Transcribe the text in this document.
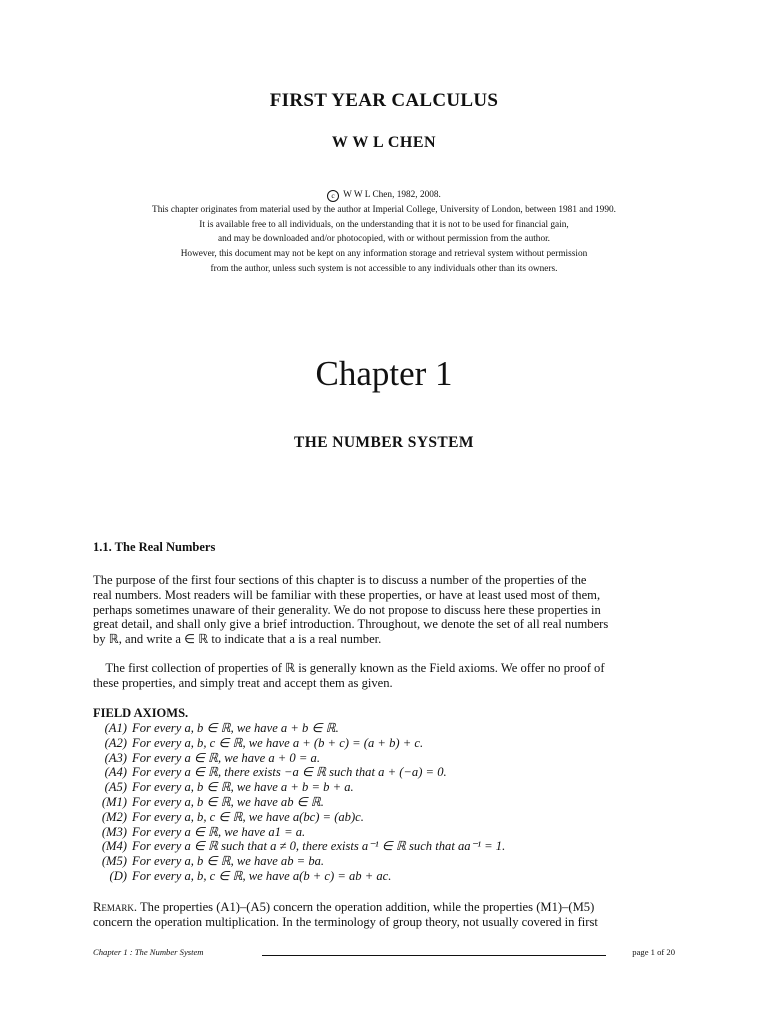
FIRST YEAR CALCULUS
W W L CHEN
c W W L Chen, 1982, 2008.
This chapter originates from material used by the author at Imperial College, University of London, between 1981 and 1990.
It is available free to all individuals, on the understanding that it is not to be used for financial gain,
and may be downloaded and/or photocopied, with or without permission from the author.
However, this document may not be kept on any information storage and retrieval system without permission
from the author, unless such system is not accessible to any individuals other than its owners.
Chapter 1
THE NUMBER SYSTEM
1.1. The Real Numbers
The purpose of the first four sections of this chapter is to discuss a number of the properties of the
real numbers. Most readers will be familiar with these properties, or have at least used most of them,
perhaps sometimes unaware of their generality. We do not propose to discuss here these properties in
great detail, and shall only give a brief introduction. Throughout, we denote the set of all real numbers
by ℝ, and write a ∈ ℝ to indicate that a is a real number.
The first collection of properties of ℝ is generally known as the Field axioms. We offer no proof of
these properties, and simply treat and accept them as given.
FIELD AXIOMS.
(A1) For every a, b ∈ ℝ, we have a + b ∈ ℝ.
(A2) For every a, b, c ∈ ℝ, we have a + (b + c) = (a + b) + c.
(A3) For every a ∈ ℝ, we have a + 0 = a.
(A4) For every a ∈ ℝ, there exists −a ∈ ℝ such that a + (−a) = 0.
(A5) For every a, b ∈ ℝ, we have a + b = b + a.
(M1) For every a, b ∈ ℝ, we have ab ∈ ℝ.
(M2) For every a, b, c ∈ ℝ, we have a(bc) = (ab)c.
(M3) For every a ∈ ℝ, we have a1 = a.
(M4) For every a ∈ ℝ such that a ≠ 0, there exists a⁻¹ ∈ ℝ such that aa⁻¹ = 1.
(M5) For every a, b ∈ ℝ, we have ab = ba.
(D) For every a, b, c ∈ ℝ, we have a(b + c) = ab + ac.
Remark. The properties (A1)–(A5) concern the operation addition, while the properties (M1)–(M5)
concern the operation multiplication. In the terminology of group theory, not usually covered in first
Chapter 1 : The Number System	page 1 of 20
